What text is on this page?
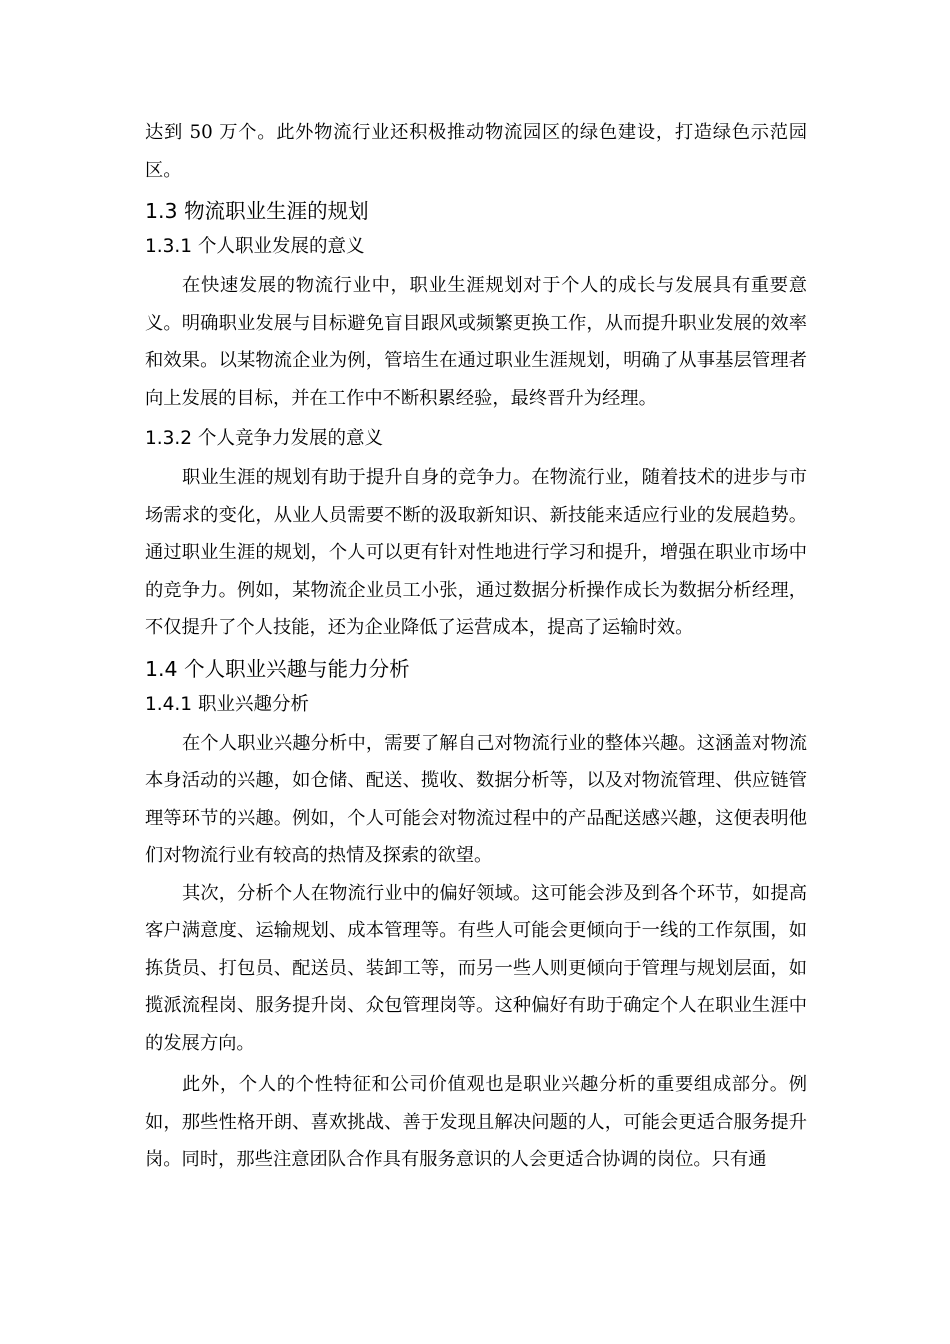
达到 50 万个。此外物流行业还积极推动物流园区的绿色建设，打造绿色示范园区。

1.3 物流职业生涯的规划
1.3.1 个人职业发展的意义

在快速发展的物流行业中，职业生涯规划对于个人的成长与发展具有重要意义。明确职业发展与目标避免盲目跟风或频繁更换工作，从而提升职业发展的效率和效果。以某物流企业为例，管培生在通过职业生涯规划，明确了从事基层管理者向上发展的目标，并在工作中不断积累经验，最终晋升为经理。

1.3.2 个人竞争力发展的意义

职业生涯的规划有助于提升自身的竞争力。在物流行业，随着技术的进步与市场需求的变化，从业人员需要不断的汲取新知识、新技能来适应行业的发展趋势。通过职业生涯的规划，个人可以更有针对性地进行学习和提升，增强在职业市场中的竞争力。例如，某物流企业员工小张，通过数据分析操作成长为数据分析经理，不仅提升了个人技能，还为企业降低了运营成本，提高了运输时效。

1.4 个人职业兴趣与能力分析
1.4.1 职业兴趣分析

在个人职业兴趣分析中，需要了解自己对物流行业的整体兴趣。这涵盖对物流本身活动的兴趣，如仓储、配送、揽收、数据分析等，以及对物流管理、供应链管理等环节的兴趣。例如，个人可能会对物流过程中的产品配送感兴趣，这便表明他们对物流行业有较高的热情及探索的欲望。

其次，分析个人在物流行业中的偏好领域。这可能会涉及到各个环节，如提高客户满意度、运输规划、成本管理等。有些人可能会更倾向于一线的工作氛围，如拣货员、打包员、配送员、装卸工等，而另一些人则更倾向于管理与规划层面，如揽派流程岗、服务提升岗、众包管理岗等。这种偏好有助于确定个人在职业生涯中的发展方向。

此外，个人的个性特征和公司价值观也是职业兴趣分析的重要组成部分。例如，那些性格开朗、喜欢挑战、善于发现且解决问题的人，可能会更适合服务提升岗。同时，那些注意团队合作具有服务意识的人会更适合协调的岗位。只有通
